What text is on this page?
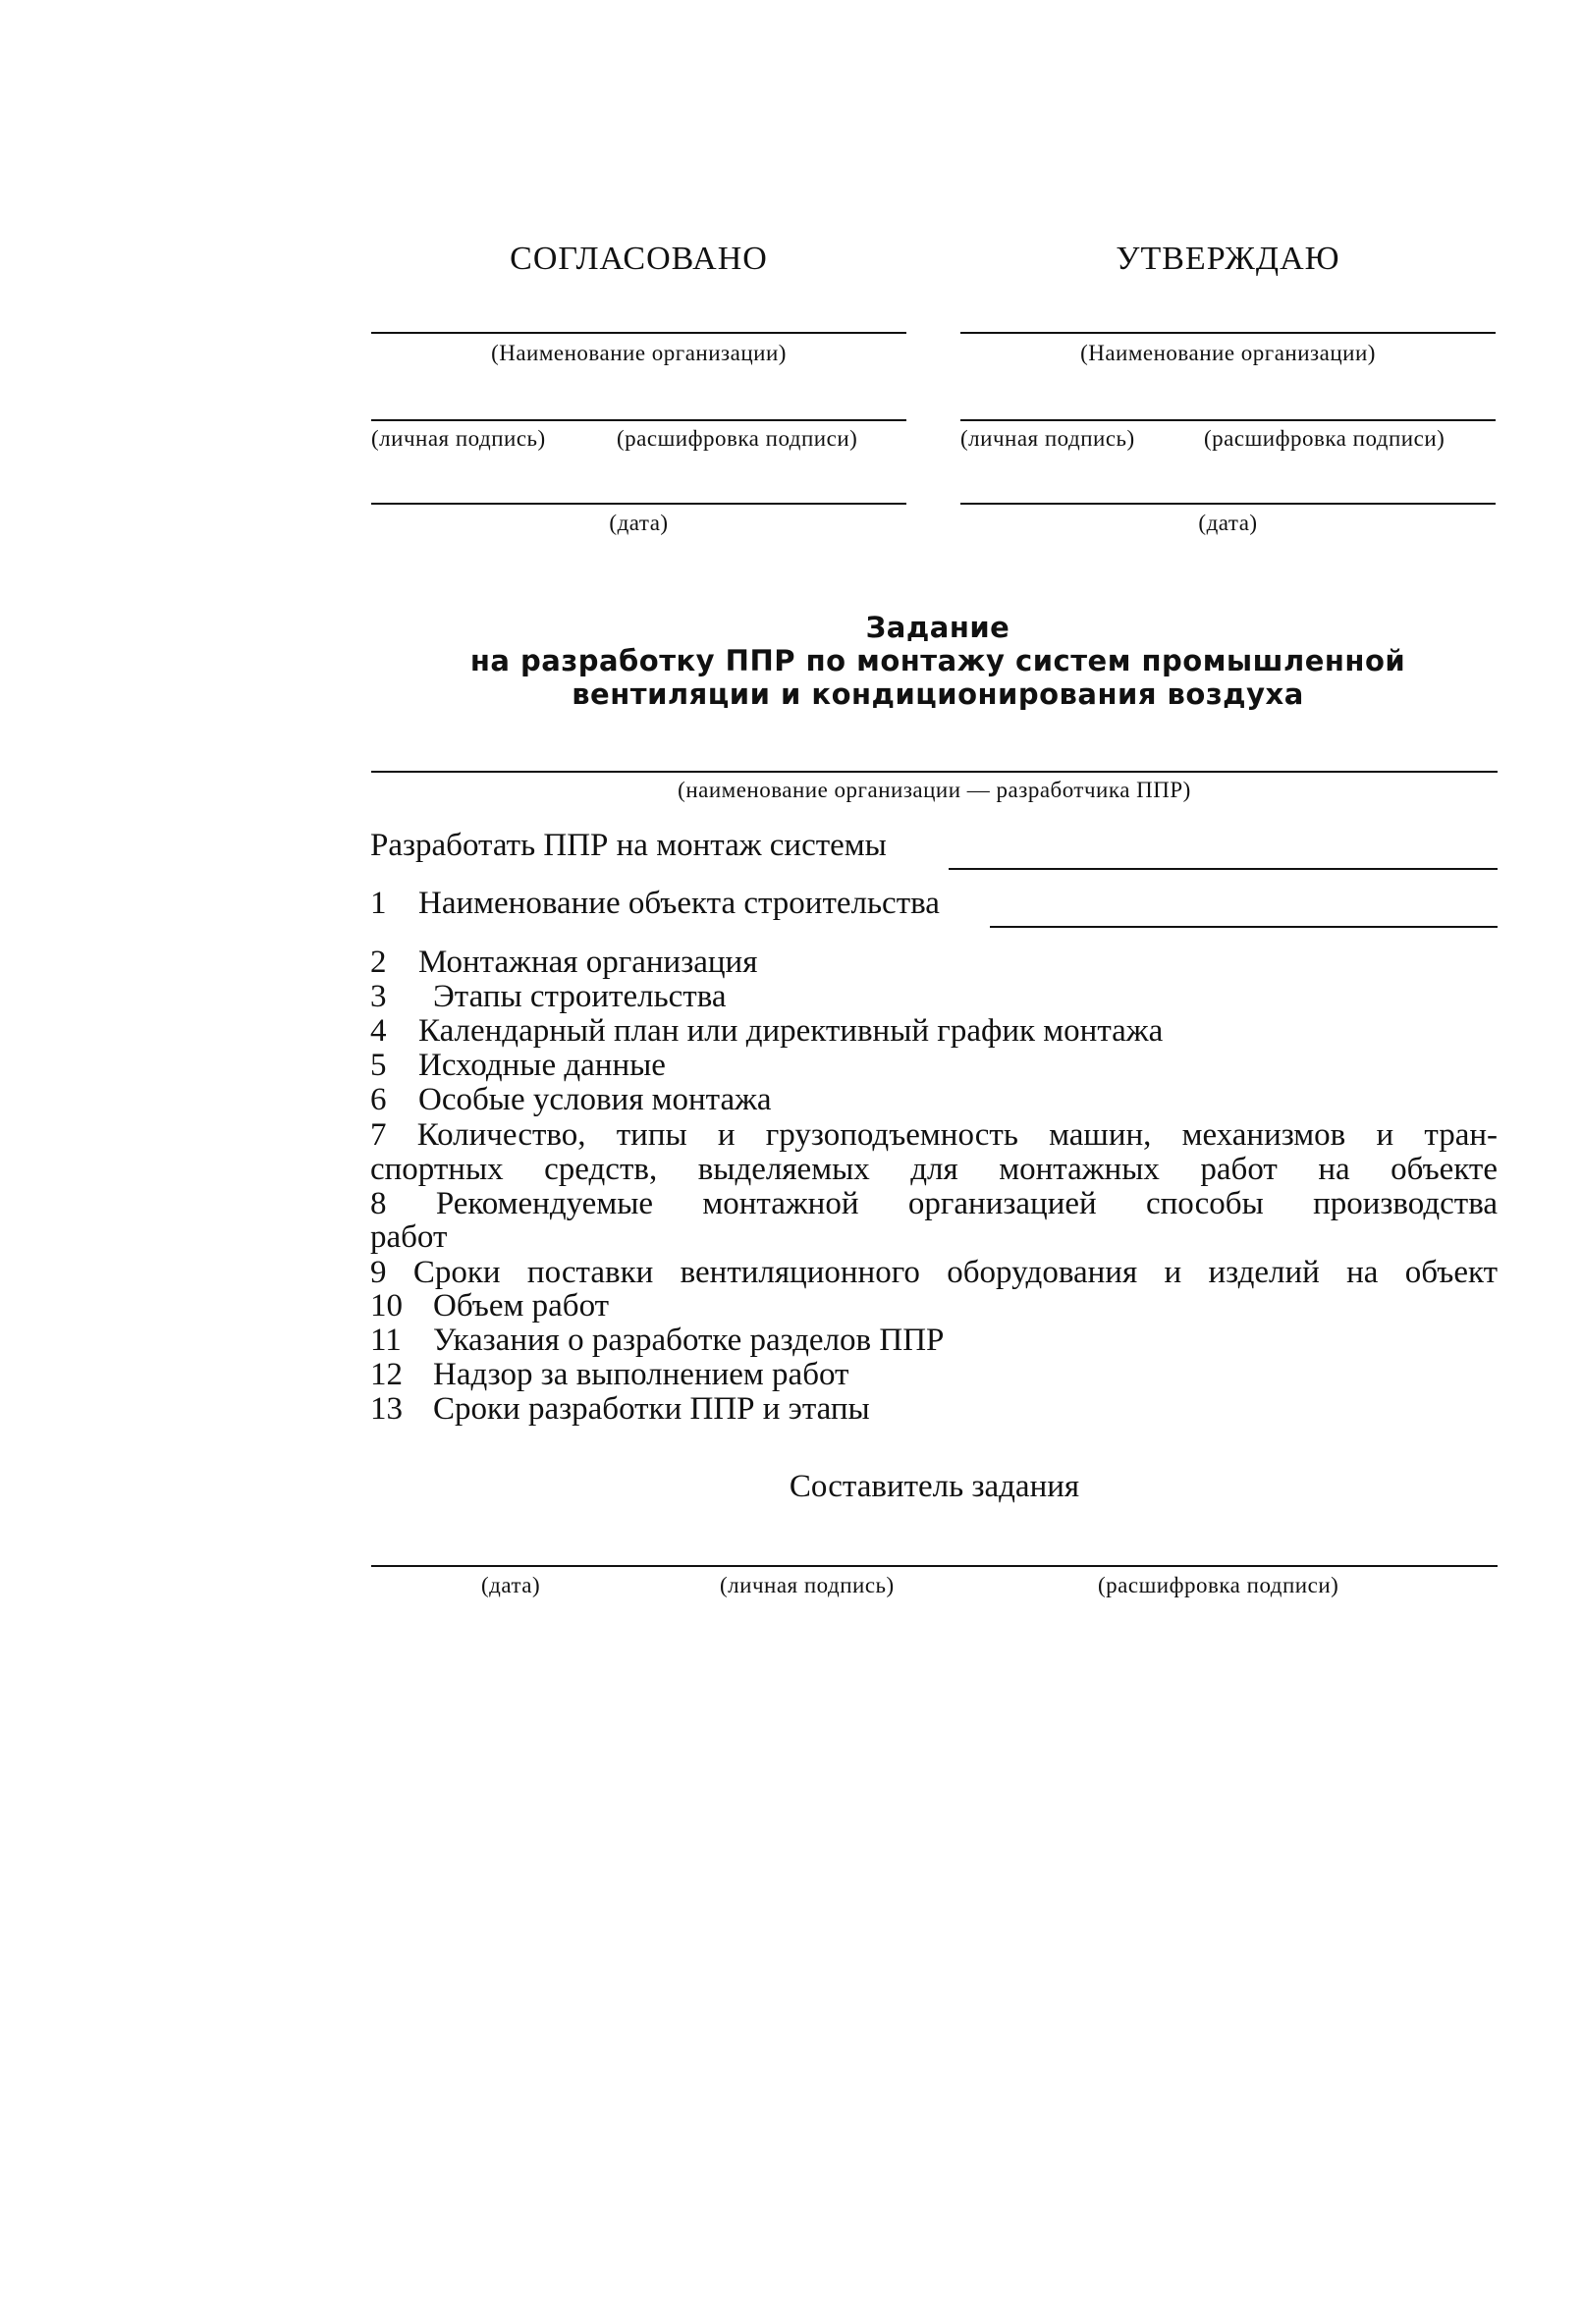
СОГЛАСОВАНО
(Наименование организации)
(личная подпись)	(расшифровка подписи)
(дата)
УТВЕРЖДАЮ
(Наименование организации)
(личная подпись)	(расшифровка подписи)
(дата)
Задание
на разработку ППР по монтажу систем промышленной
вентиляции и кондиционирования воздуха
(наименование организации — разработчика ППР)
Разработать ППР на монтаж системы
1 Наименование объекта строительства
2 Монтажная организация
3 Этапы строительства
4 Календарный план или директивный график монтажа
5 Исходные данные
6 Особые условия монтажа
7 Количество, типы и грузоподъемность машин, механизмов и тран-
спортных средств, выделяемых для монтажных работ на объекте
8 Рекомендуемые монтажной организацией способы производства
работ
9 Сроки поставки вентиляционного оборудования и изделий на объект
10 Объем работ
11 Указания о разработке разделов ППР
12 Надзор за выполнением работ
13 Сроки разработки ППР и этапы
Составитель задания
(дата)	(личная подпись)	(расшифровка подписи)
